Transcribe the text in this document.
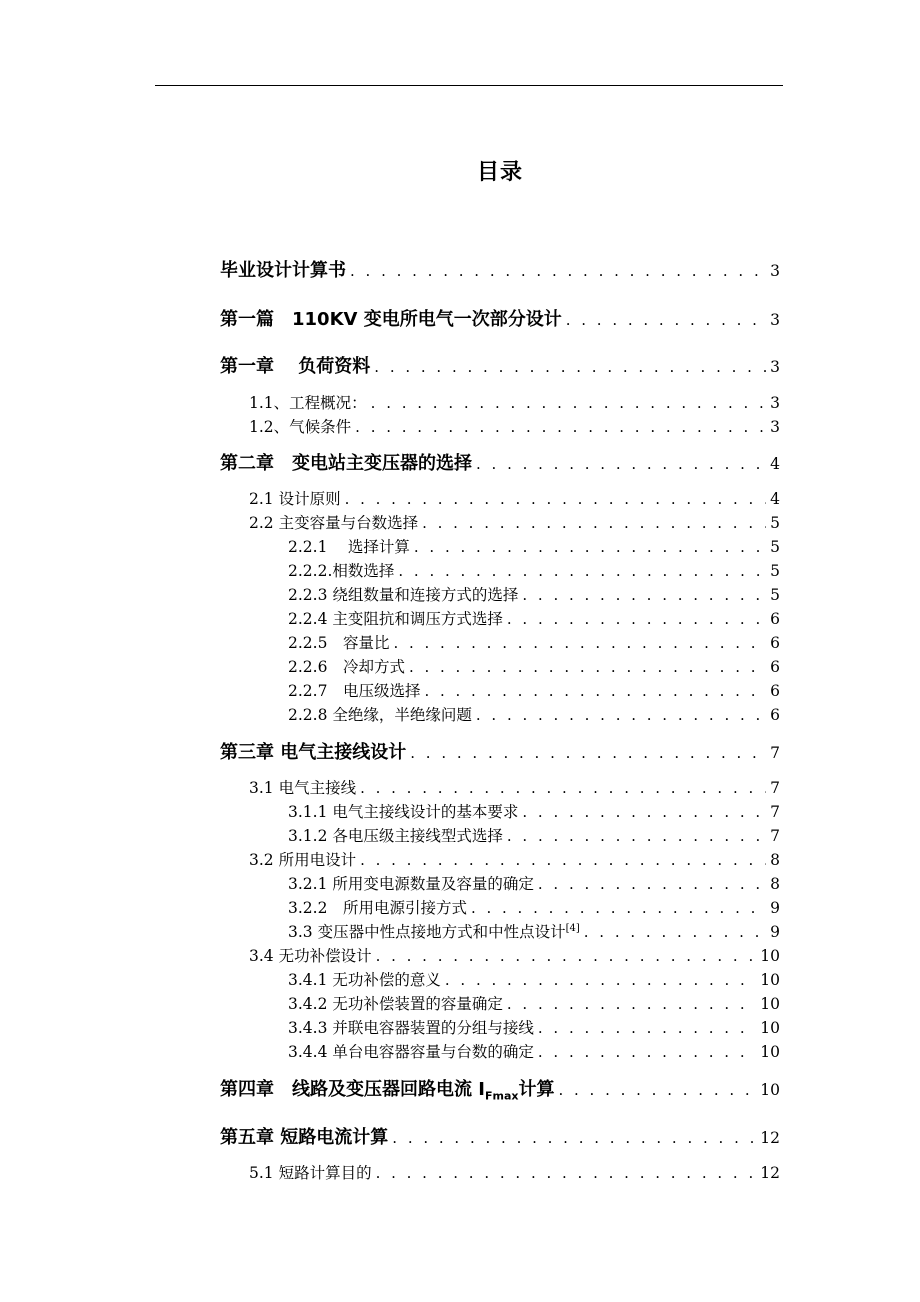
目录
毕业设计计算书 . . .	3
第一篇　110KV 变电所电气一次部分设计 . . .	3
第一章　 负荷资料 . . .	3
1.1、工程概况： . . .	3
1.2、气候条件 . . .	3
第二章　变电站主变压器的选择 . . .	4
2.1 设计原则 . . .	4
2.2 主变容量与台数选择 . . .	5
2.2.1　 选择计算 . . .	5
2.2.2.相数选择 . . .	5
2.2.3 绕组数量和连接方式的选择 . . .	5
2.2.4 主变阻抗和调压方式选择 . . .	6
2.2.5　容量比 . . .	6
2.2.6　冷却方式 . . .	6
2.2.7　电压级选择 . . .	6
2.2.8 全绝缘，半绝缘问题 . . .	6
第三章 电气主接线设计 . . .	7
3.1 电气主接线 . . .	7
3.1.1 电气主接线设计的基本要求 . . .	7
3.1.2 各电压级主接线型式选择 . . .	7
3.2 所用电设计 . . .	8
3.2.1 所用变电源数量及容量的确定 . . .	8
3.2.2　所用电源引接方式 . . .	9
3.3 变压器中性点接地方式和中性点设计[4] . . .	9
3.4 无功补偿设计 . . .	10
3.4.1 无功补偿的意义 . . .	10
3.4.2 无功补偿装置的容量确定 . . .	10
3.4.3 并联电容器装置的分组与接线 . . .	10
3.4.4 单台电容器容量与台数的确定 . . .	10
第四章　线路及变压器回路电流 $I_{Fmax}$计算 . . .	10
第五章 短路电流计算 . . .	12
5.1 短路计算目的 . . .	12
